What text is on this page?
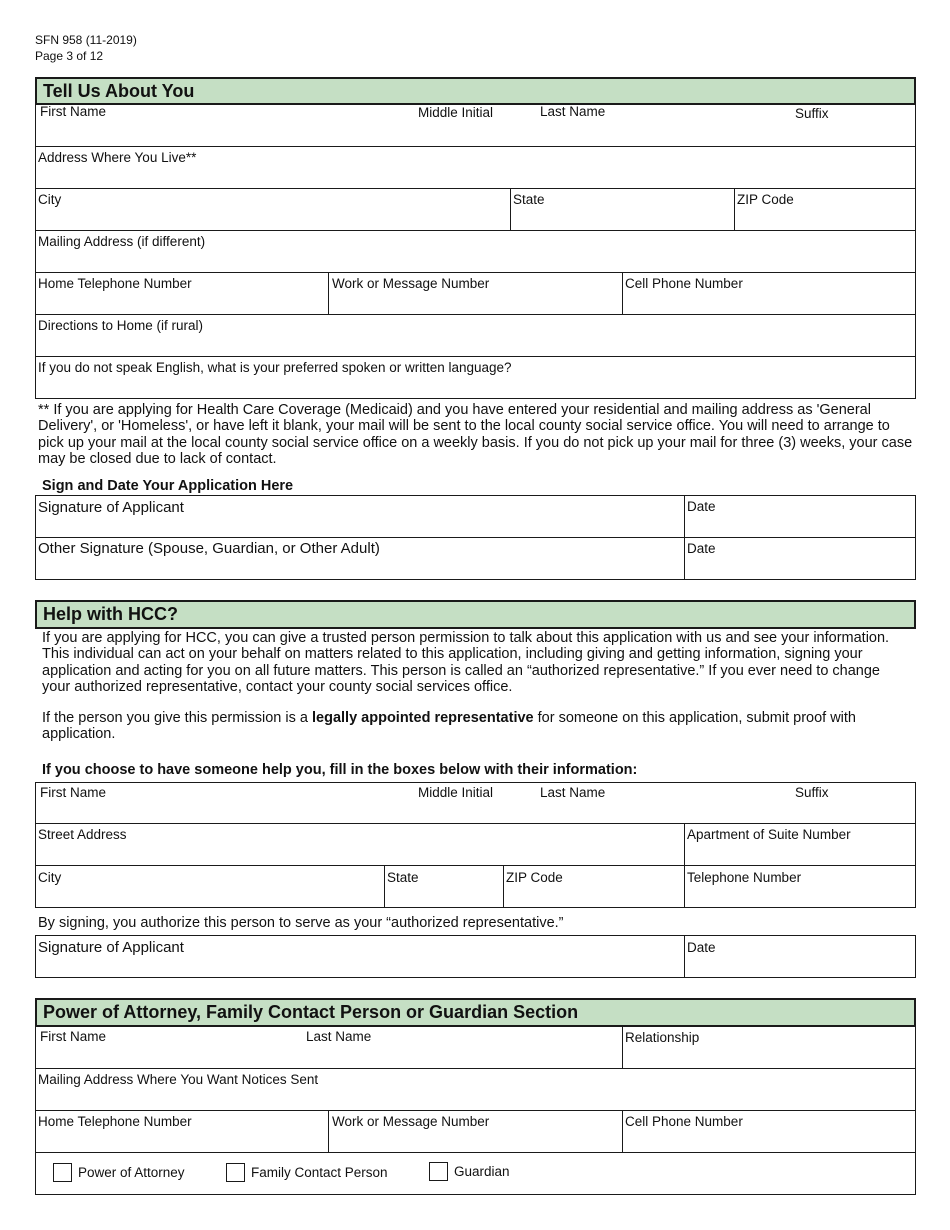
SFN 958 (11-2019)
Page 3 of 12
Tell Us About You
First Name	Middle Initial	Last Name	Suffix
Address Where You Live**
City	State	ZIP Code
Mailing Address (if different)
Home Telephone Number	Work or Message Number	Cell Phone Number
Directions to Home (if rural)
If you do not speak English, what is your preferred spoken or written language?
** If you are applying for Health Care Coverage (Medicaid) and you have entered your residential and mailing address as 'General Delivery', or 'Homeless', or have left it blank, your mail will be sent to the local county social service office. You will need to arrange to pick up your mail at the local county social service office on a weekly basis. If you do not pick up your mail for three (3) weeks, your case may be closed due to lack of contact.
Sign and Date Your Application Here
Signature of Applicant	Date
Other Signature (Spouse, Guardian, or Other Adult)	Date
Help with HCC?
If you are applying for HCC, you can give a trusted person permission to talk about this application with us and see your information. This individual can act on your behalf on matters related to this application, including giving and getting information, signing your application and acting for you on all future matters. This person is called an “authorized representative.” If you ever need to change your authorized representative, contact your county social services office.
If the person you give this permission is a legally appointed representative for someone on this application, submit proof with application.
If you choose to have someone help you, fill in the boxes below with their information:
First Name	Middle Initial	Last Name	Suffix
Street Address	Apartment of Suite Number
City	State	ZIP Code	Telephone Number
By signing, you authorize this person to serve as your “authorized representative.”
Signature of Applicant	Date
Power of Attorney, Family Contact Person or Guardian Section
First Name	Last Name	Relationship
Mailing Address Where You Want Notices Sent
Home Telephone Number	Work or Message Number	Cell Phone Number
Power of Attorney	Family Contact Person	Guardian
